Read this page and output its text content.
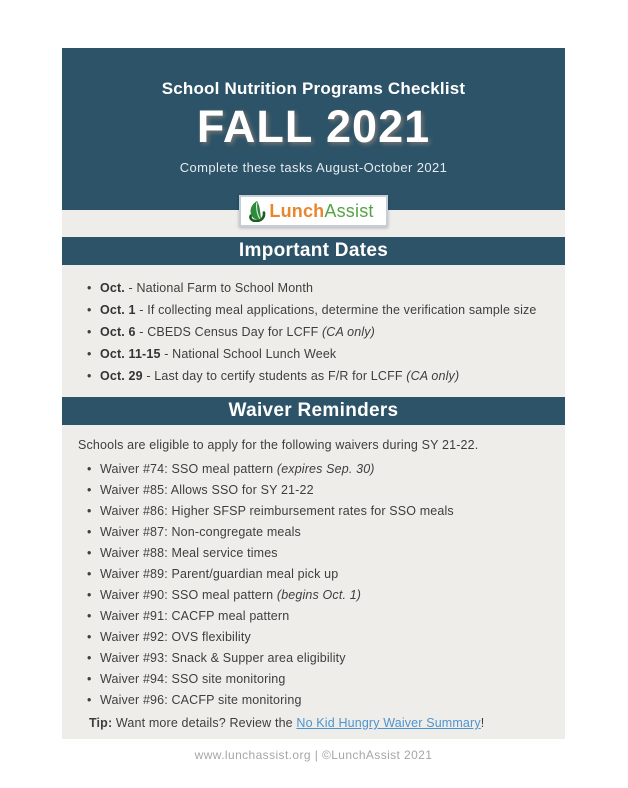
School Nutrition Programs Checklist
FALL 2021
Complete these tasks August-October 2021
Lunch Assist
Important Dates
• Oct. - National Farm to School Month
• Oct. 1 - If collecting meal applications, determine the verification sample size
• Oct. 6 - CBEDS Census Day for LCFF (CA only)
• Oct. 11-15 - National School Lunch Week
• Oct. 29 - Last day to certify students as F/R for LCFF (CA only)
Waiver Reminders

Schools are eligible to apply for the following waivers during SY 21-22.

• Waiver #74: SSO meal pattern (expires Sep. 30)
• Waiver #85: Allows SSO for SY 21-22
• Waiver #86: Higher SFSP reimbursement rates for SSO meals
• Waiver #87: Non-congregate meals
• Waiver #88: Meal service times
• Waiver #89: Parent/guardian meal pick up
• Waiver #90: SSO meal pattern (begins Oct. 1)
• Waiver #91: CACFP meal pattern
• Waiver #92: OVS flexibility
• Waiver #93: Snack & Supper area eligibility
• Waiver #94: SSO site monitoring
• Waiver #96: CACFP site monitoring

Tip: Want more details? Review the No Kid Hungry Waiver Summary!

www.lunchassist.org | ©LunchAssist 2021
